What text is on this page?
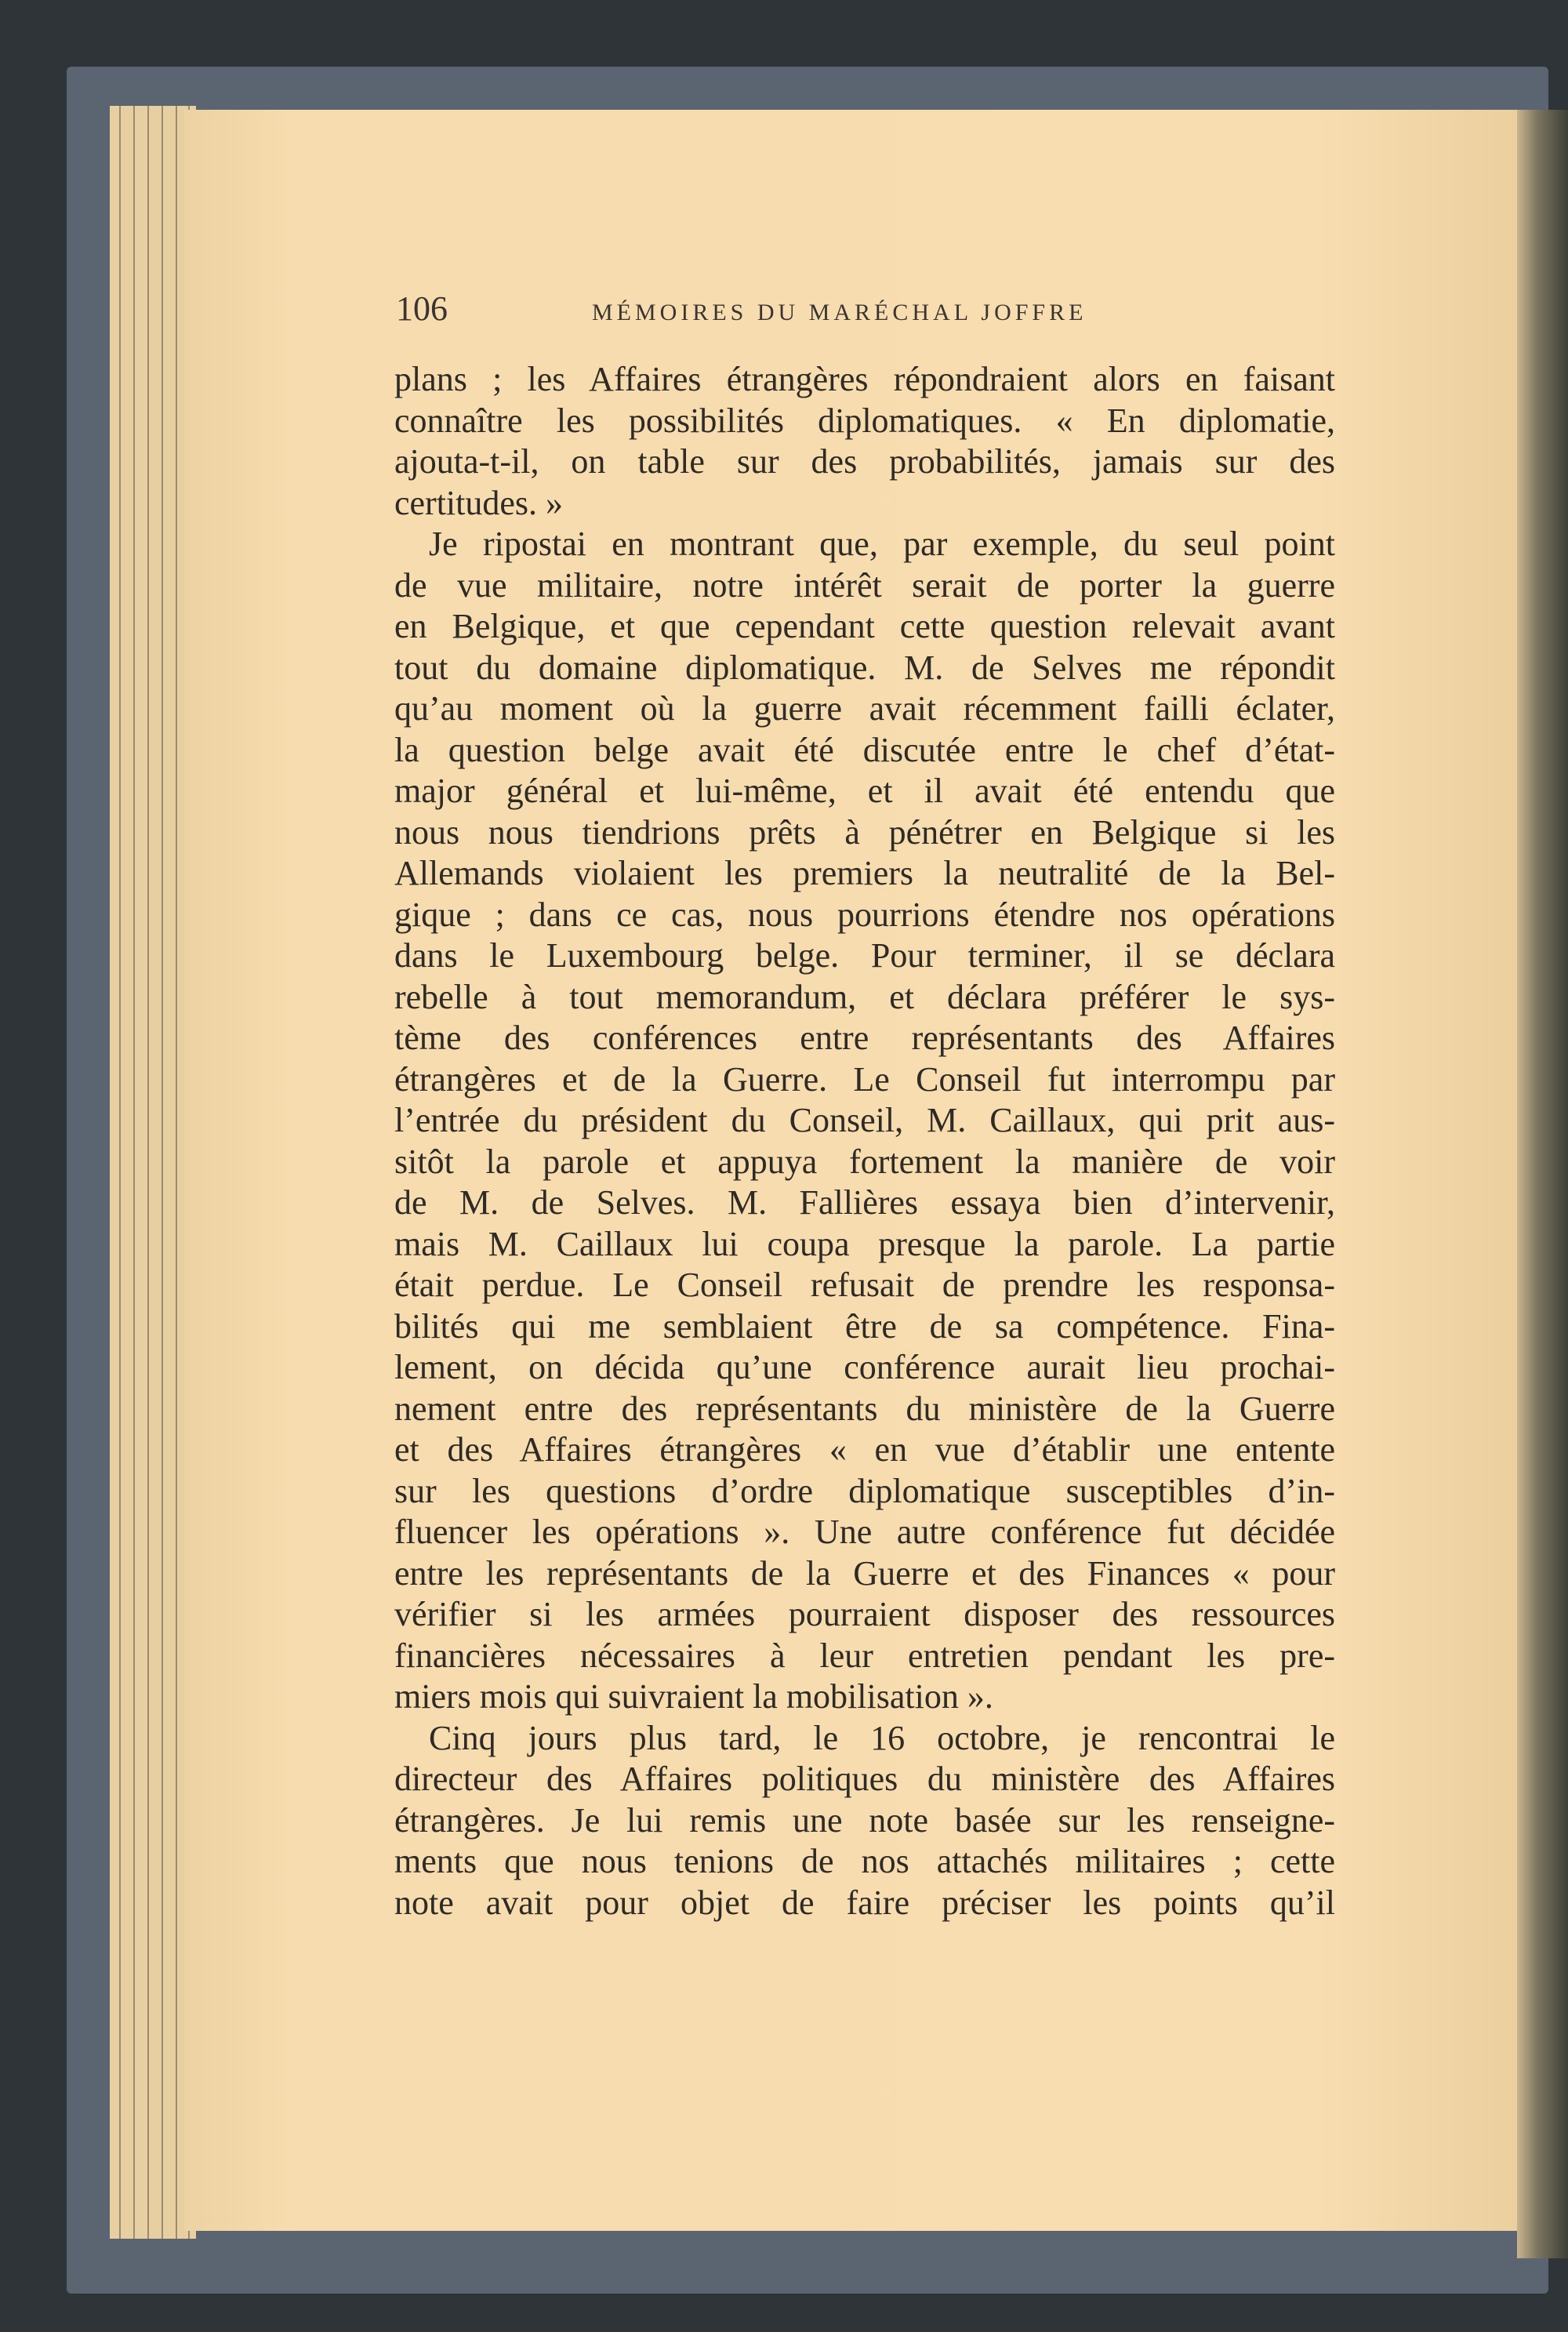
106	MÉMOIRES DU MARÉCHAL JOFFRE
plans ; les Affaires étrangères répondraient alors en faisant
connaître les possibilités diplomatiques. « En diplomatie,
ajouta-t-il, on table sur des probabilités, jamais sur des
certitudes. »
Je ripostai en montrant que, par exemple, du seul point
de vue militaire, notre intérêt serait de porter la guerre
en Belgique, et que cependant cette question relevait avant
tout du domaine diplomatique. M. de Selves me répondit
qu’au moment où la guerre avait récemment failli éclater,
la question belge avait été discutée entre le chef d’état-
major général et lui-même, et il avait été entendu que
nous nous tiendrions prêts à pénétrer en Belgique si les
Allemands violaient les premiers la neutralité de la Bel-
gique ; dans ce cas, nous pourrions étendre nos opérations
dans le Luxembourg belge. Pour terminer, il se déclara
rebelle à tout memorandum, et déclara préférer le sys-
tème des conférences entre représentants des Affaires
étrangères et de la Guerre. Le Conseil fut interrompu par
l’entrée du président du Conseil, M. Caillaux, qui prit aus-
sitôt la parole et appuya fortement la manière de voir
de M. de Selves. M. Fallières essaya bien d’intervenir,
mais M. Caillaux lui coupa presque la parole. La partie
était perdue. Le Conseil refusait de prendre les responsa-
bilités qui me semblaient être de sa compétence. Fina-
lement, on décida qu’une conférence aurait lieu prochai-
nement entre des représentants du ministère de la Guerre
et des Affaires étrangères « en vue d’établir une entente
sur les questions d’ordre diplomatique susceptibles d’in-
fluencer les opérations ». Une autre conférence fut décidée
entre les représentants de la Guerre et des Finances « pour
vérifier si les armées pourraient disposer des ressources
financières nécessaires à leur entretien pendant les pre-
miers mois qui suivraient la mobilisation ».
Cinq jours plus tard, le 16 octobre, je rencontrai le
directeur des Affaires politiques du ministère des Affaires
étrangères. Je lui remis une note basée sur les renseigne-
ments que nous tenions de nos attachés militaires ; cette
note avait pour objet de faire préciser les points qu’il
